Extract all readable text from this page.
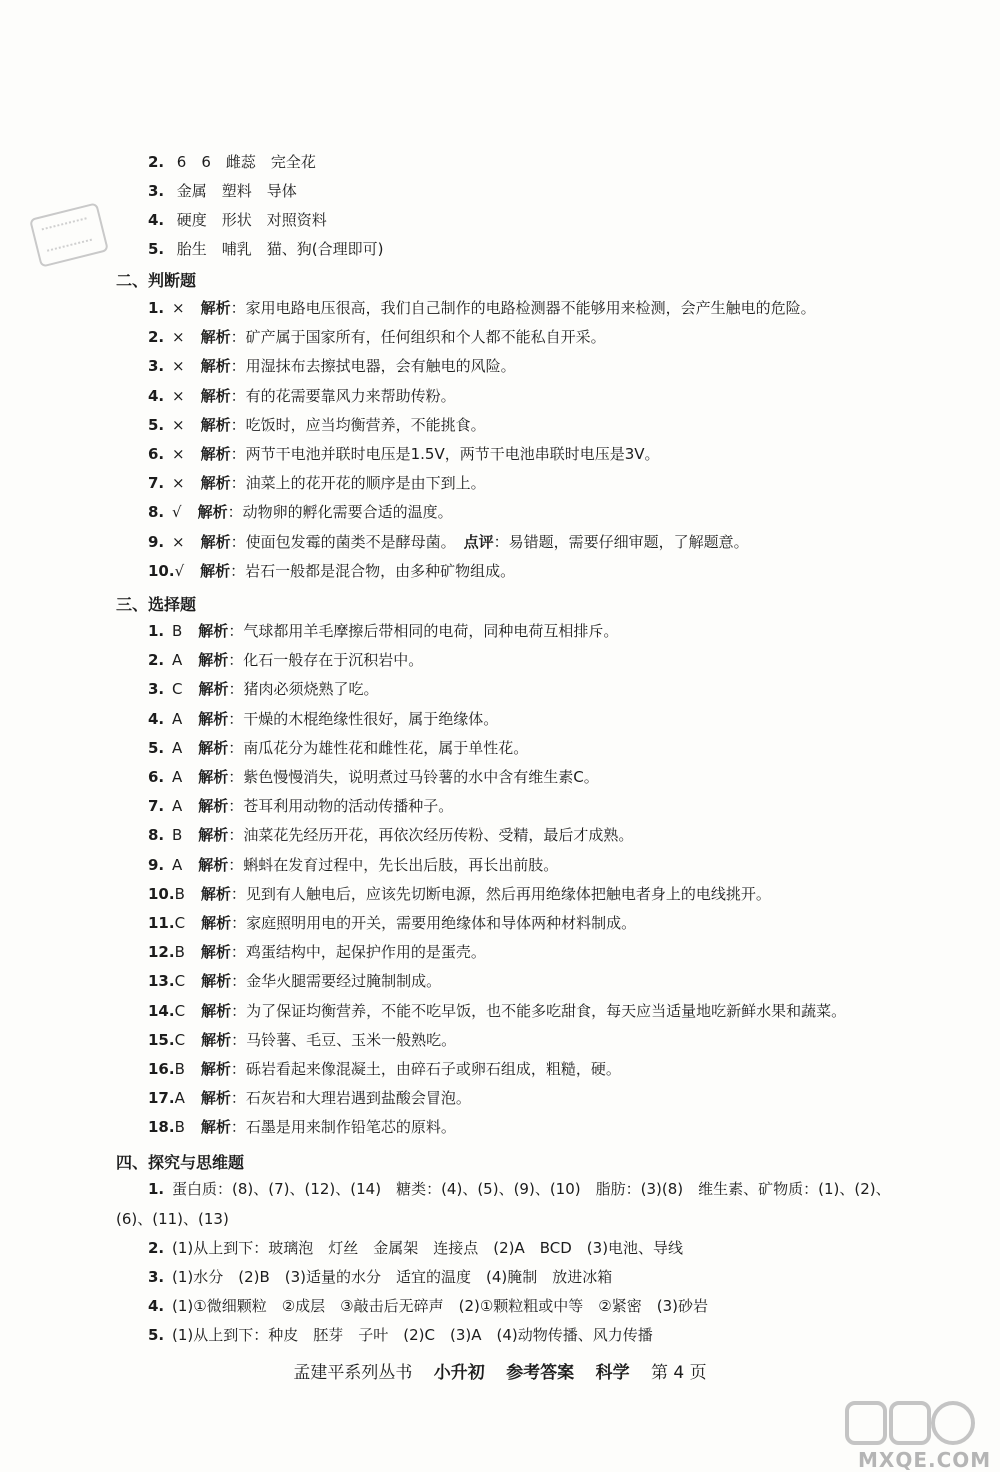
2. 6　6　雌蕊　完全花
3. 金属　塑料　导体
4. 硬度　形状　对照资料
5. 胎生　哺乳　猫、狗(合理即可)
二、判断题
1. × 解析：家用电路电压很高，我们自己制作的电路检测器不能够用来检测，会产生触电的危险。
2. × 解析：矿产属于国家所有，任何组织和个人都不能私自开采。
3. × 解析：用湿抹布去擦拭电器，会有触电的风险。
4. × 解析：有的花需要靠风力来帮助传粉。
5. × 解析：吃饭时，应当均衡营养，不能挑食。
6. × 解析：两节干电池并联时电压是1.5V，两节干电池串联时电压是3V。
7. × 解析：油菜上的花开花的顺序是由下到上。
8. √ 解析：动物卵的孵化需要合适的温度。
9. × 解析：使面包发霉的菌类不是酵母菌。 点评：易错题，需要仔细审题，了解题意。
10.√ 解析：岩石一般都是混合物，由多种矿物组成。
三、选择题
1. B 解析：气球都用羊毛摩擦后带相同的电荷，同种电荷互相排斥。
2. A 解析：化石一般存在于沉积岩中。
3. C 解析：猪肉必须烧熟了吃。
4. A 解析：干燥的木棍绝缘性很好，属于绝缘体。
5. A 解析：南瓜花分为雄性花和雌性花，属于单性花。
6. A 解析：紫色慢慢消失，说明煮过马铃薯的水中含有维生素C。
7. A 解析：苍耳利用动物的活动传播种子。
8. B 解析：油菜花先经历开花，再依次经历传粉、受精，最后才成熟。
9. A 解析：蝌蚪在发育过程中，先长出后肢，再长出前肢。
10.B 解析：见到有人触电后，应该先切断电源，然后再用绝缘体把触电者身上的电线挑开。
11.C 解析：家庭照明用电的开关，需要用绝缘体和导体两种材料制成。
12.B 解析：鸡蛋结构中，起保护作用的是蛋壳。
13.C 解析：金华火腿需要经过腌制制成。
14.C 解析：为了保证均衡营养，不能不吃早饭，也不能多吃甜食，每天应当适量地吃新鲜水果和蔬菜。
15.C 解析：马铃薯、毛豆、玉米一般熟吃。
16.B 解析：砾岩看起来像混凝土，由碎石子或卵石组成，粗糙，硬。
17.A 解析：石灰岩和大理岩遇到盐酸会冒泡。
18.B 解析：石墨是用来制作铅笔芯的原料。
四、探究与思维题
1. 蛋白质：(8)、(7)、(12)、(14)　糖类：(4)、(5)、(9)、(10)　脂肪：(3)(8)　维生素、矿物质：(1)、(2)、
(6)、(11)、(13)
2. (1)从上到下：玻璃泡　灯丝　金属架　连接点　(2)A　BCD　(3)电池、导线
3. (1)水分　(2)B　(3)适量的水分　适宜的温度　(4)腌制　放进冰箱
4. (1)①微细颗粒　②成层　③敲击后无碎声　(2)①颗粒粗或中等　②紧密　(3)砂岩
5. (1)从上到下：种皮　胚芽　子叶　(2)C　(3)A　(4)动物传播、风力传播
孟建平系列丛书 小升初 参考答案 科学 第 4 页
MXQE.COM
